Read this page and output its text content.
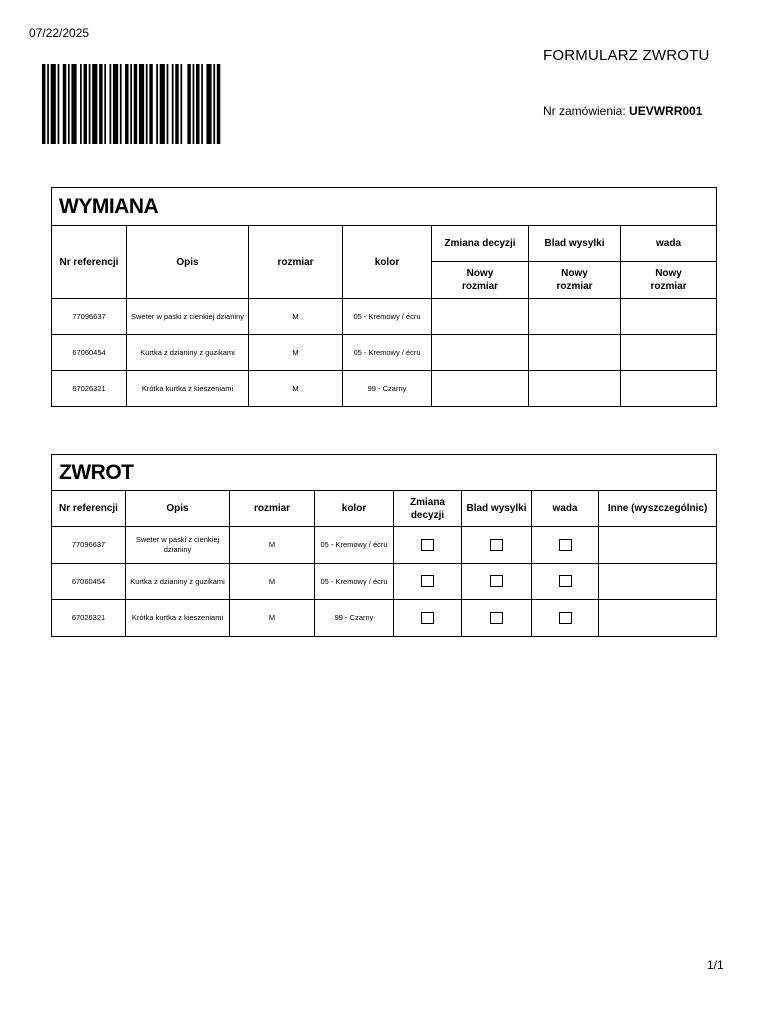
07/22/2025
FORMULARZ ZWROTU
Nr zamówienia: UEVWRR001
WYMIANA						
Nr referencji	Opis	rozmiar	kolor	Zmiana decyzji	Blad wysylki	wada
				Nowy rozmiar	Nowy rozmiar	Nowy rozmiar
77096637	Sweter w paski z cienkiej dzianiny	M	05 - Kremowy / écru			
67060454	Kurtka z dzianiny z guzikami	M	05 - Kremowy / écru			
67026321	Krótka kurtka z kieszeniami	M	99 - Czarny			
ZWROT							
Nr referencji	Opis	rozmiar	kolor	Zmiana decyzji	Blad wysylki	wada	Inne (wyszczególnic)
77096637	Sweter w paski z cienkiej dzianiny	M	05 - Kremowy / écru				
67060454	Kurtka z dzianiny z guzikami	M	05 - Kremowy / écru				
67026321	Krótka kurtka z kieszeniami	M	99 - Czarny				
1/1
